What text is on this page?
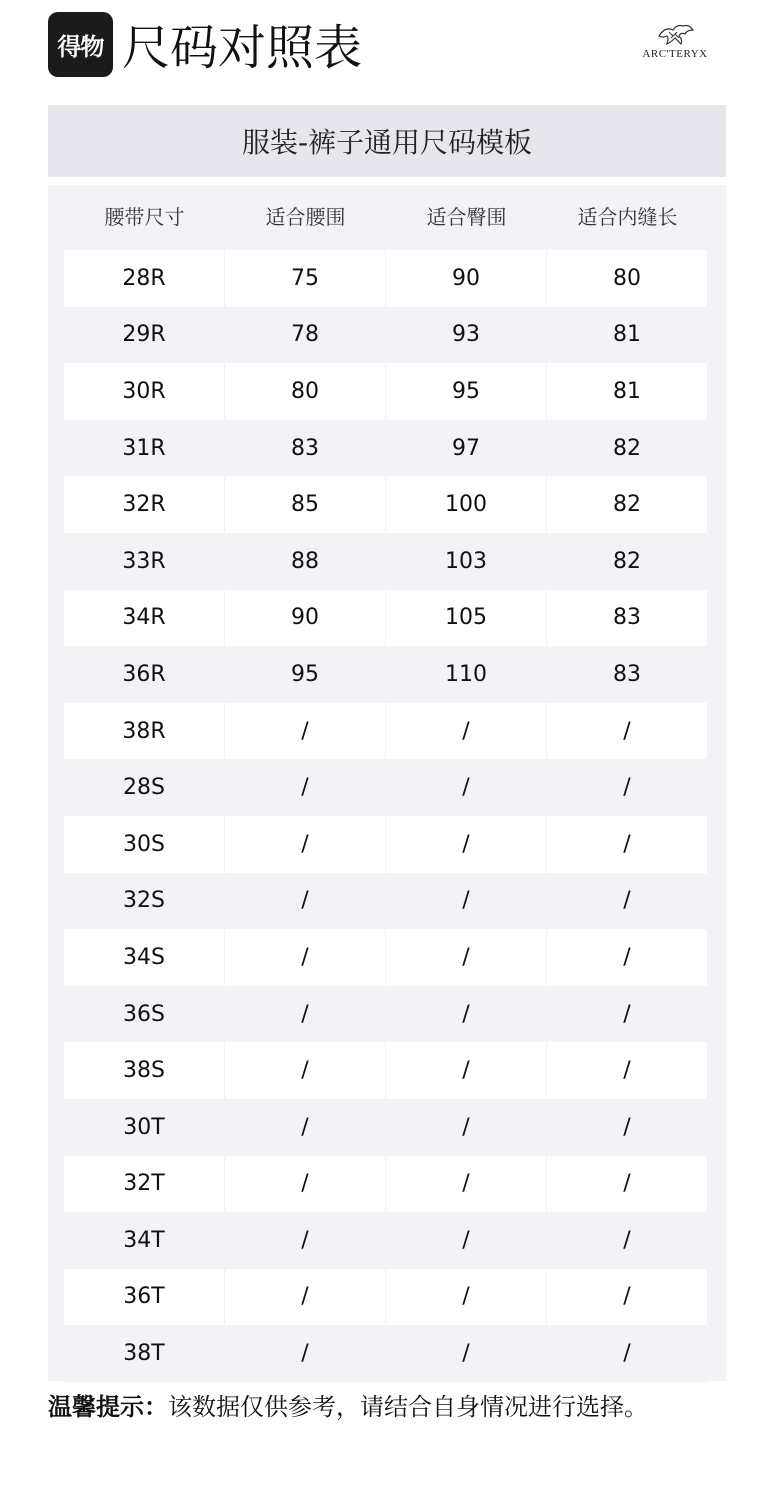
得物 尺码对照表	ARC'TERYX
服装-裤子通用尺码模板
腰带尺寸	适合腰围	适合臀围	适合内缝长
28R	75	90	80
29R	78	93	81
30R	80	95	81
31R	83	97	82
32R	85	100	82
33R	88	103	82
34R	90	105	83
36R	95	110	83
38R	/	/	/
28S	/	/	/
30S	/	/	/
32S	/	/	/
34S	/	/	/
36S	/	/	/
38S	/	/	/
30T	/	/	/
32T	/	/	/
34T	/	/	/
36T	/	/	/
38T	/	/	/
温馨提示：该数据仅供参考，请结合自身情况进行选择。
